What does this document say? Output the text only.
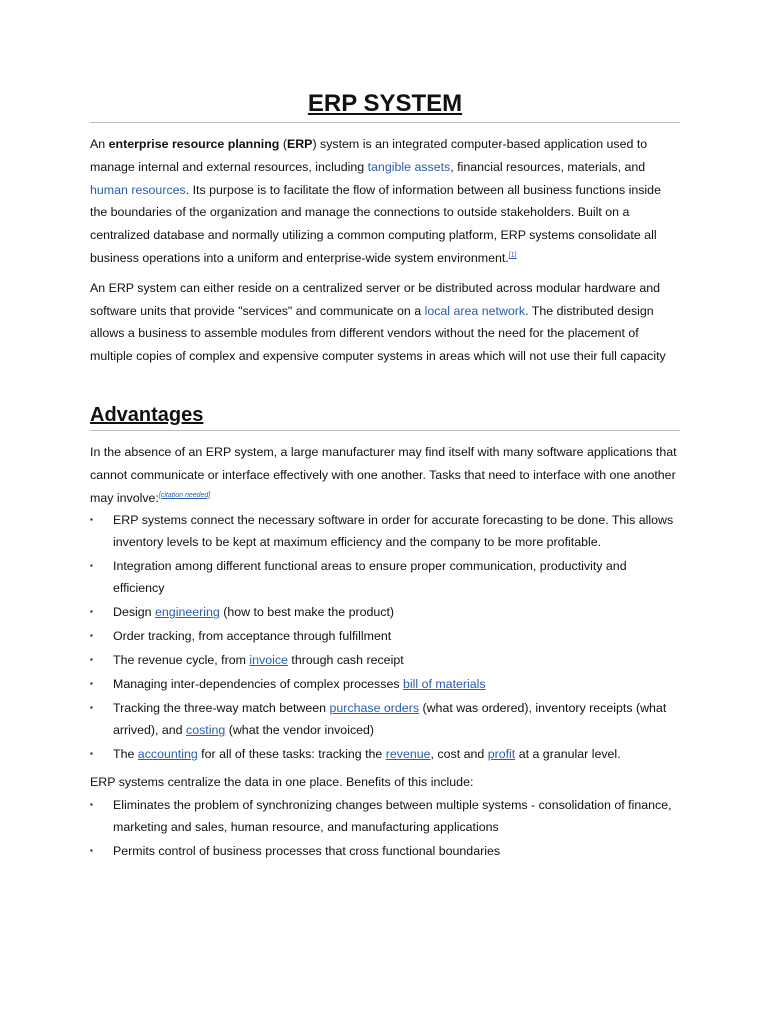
ERP SYSTEM

An enterprise resource planning (ERP) system is an integrated computer-based application used to manage internal and external resources, including tangible assets, financial resources, materials, and human resources. Its purpose is to facilitate the flow of information between all business functions inside the boundaries of the organization and manage the connections to outside stakeholders. Built on a centralized database and normally utilizing a common computing platform, ERP systems consolidate all business operations into a uniform and enterprise-wide system environment.[1]

An ERP system can either reside on a centralized server or be distributed across modular hardware and software units that provide "services" and communicate on a local area network. The distributed design allows a business to assemble modules from different vendors without the need for the placement of multiple copies of complex and expensive computer systems in areas which will not use their full capacity

Advantages

In the absence of an ERP system, a large manufacturer may find itself with many software applications that cannot communicate or interface effectively with one another. Tasks that need to interface with one another may involve:[citation needed]

▪ ERP systems connect the necessary software in order for accurate forecasting to be done. This allows inventory levels to be kept at maximum efficiency and the company to be more profitable.
▪ Integration among different functional areas to ensure proper communication, productivity and efficiency
▪ Design engineering (how to best make the product)
▪ Order tracking, from acceptance through fulfillment
▪ The revenue cycle, from invoice through cash receipt
▪ Managing inter-dependencies of complex processes bill of materials
▪ Tracking the three-way match between purchase orders (what was ordered), inventory receipts (what arrived), and costing (what the vendor invoiced)
▪ The accounting for all of these tasks: tracking the revenue, cost and profit at a granular level.

ERP systems centralize the data in one place. Benefits of this include:

▪ Eliminates the problem of synchronizing changes between multiple systems - consolidation of finance, marketing and sales, human resource, and manufacturing applications
▪ Permits control of business processes that cross functional boundaries
